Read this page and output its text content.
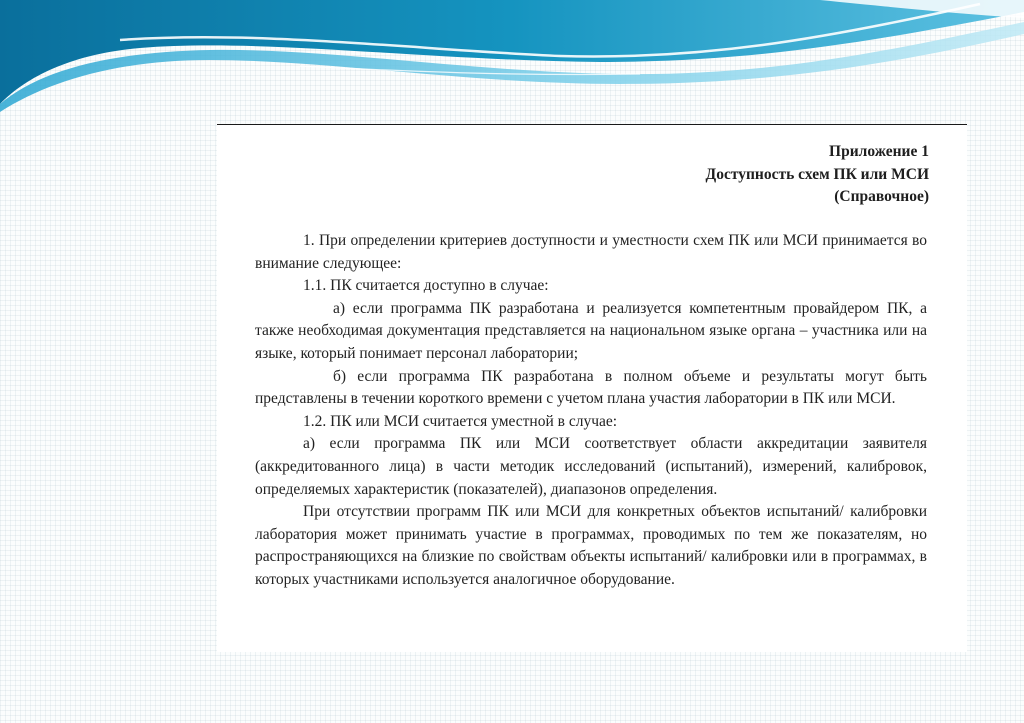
Приложение 1
Доступность схем ПК или МСИ
(Справочное)

1. При определении критериев доступности и уместности схем ПК или МСИ принимается во внимание следующее:

1.1. ПК считается доступно в случае:

а) если программа ПК разработана и реализуется компетентным провайдером ПК, а также необходимая документация представляется на национальном языке органа – участника или на языке, который понимает персонал лаборатории;

б) если программа ПК разработана в полном объеме и результаты могут быть представлены в течении короткого времени с учетом плана участия лаборатории в ПК или МСИ.

1.2. ПК или МСИ считается уместной в случае:

а) если программа ПК или МСИ соответствует области аккредитации заявителя (аккредитованного лица) в части методик исследований (испытаний), измерений, калибровок, определяемых характеристик (показателей), диапазонов определения.

При отсутствии программ ПК или МСИ для конкретных объектов испытаний/ калибровки лаборатория может принимать участие в программах, проводимых по тем же показателям, но распространяющихся на близкие по свойствам объекты испытаний/ калибровки или в программах, в которых участниками используется аналогичное оборудование.
